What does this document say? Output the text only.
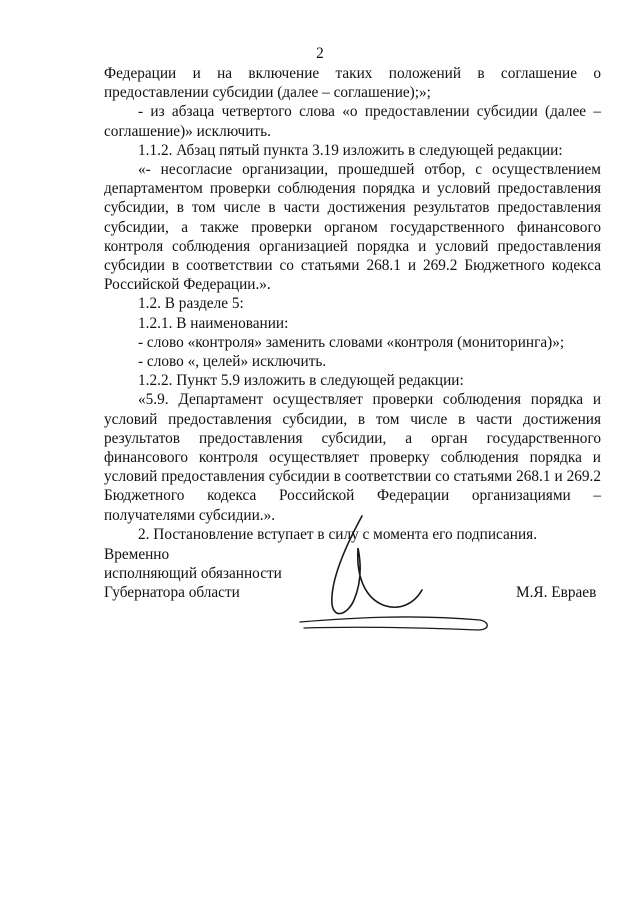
2

Федерации и на включение таких положений в соглашение о предоставлении субсидии (далее – соглашение);»;

- из абзаца четвертого слова «о предоставлении субсидии (далее – соглашение)» исключить.

1.1.2. Абзац пятый пункта 3.19 изложить в следующей редакции:

«- несогласие организации, прошедшей отбор, с осуществлением департаментом проверки соблюдения порядка и условий предоставления субсидии, в том числе в части достижения результатов предоставления субсидии, а также проверки органом государственного финансового контроля соблюдения организацией порядка и условий предоставления субсидии в соответствии со статьями 268.1 и 269.2 Бюджетного кодекса Российской Федерации.».

1.2. В разделе 5:

1.2.1. В наименовании:

- слово «контроля» заменить словами «контроля (мониторинга)»;

- слово «, целей» исключить.

1.2.2. Пункт 5.9 изложить в следующей редакции:

«5.9. Департамент осуществляет проверки соблюдения порядка и условий предоставления субсидии, в том числе в части достижения результатов предоставления субсидии, а орган государственного финансового контроля осуществляет проверку соблюдения порядка и условий предоставления субсидии в соответствии со статьями 268.1 и 269.2 Бюджетного кодекса Российской Федерации организациями – получателями субсидии.».

2. Постановление вступает в силу с момента его подписания.

Временно
исполняющий обязанности
Губернатора области	М.Я. Евраев
